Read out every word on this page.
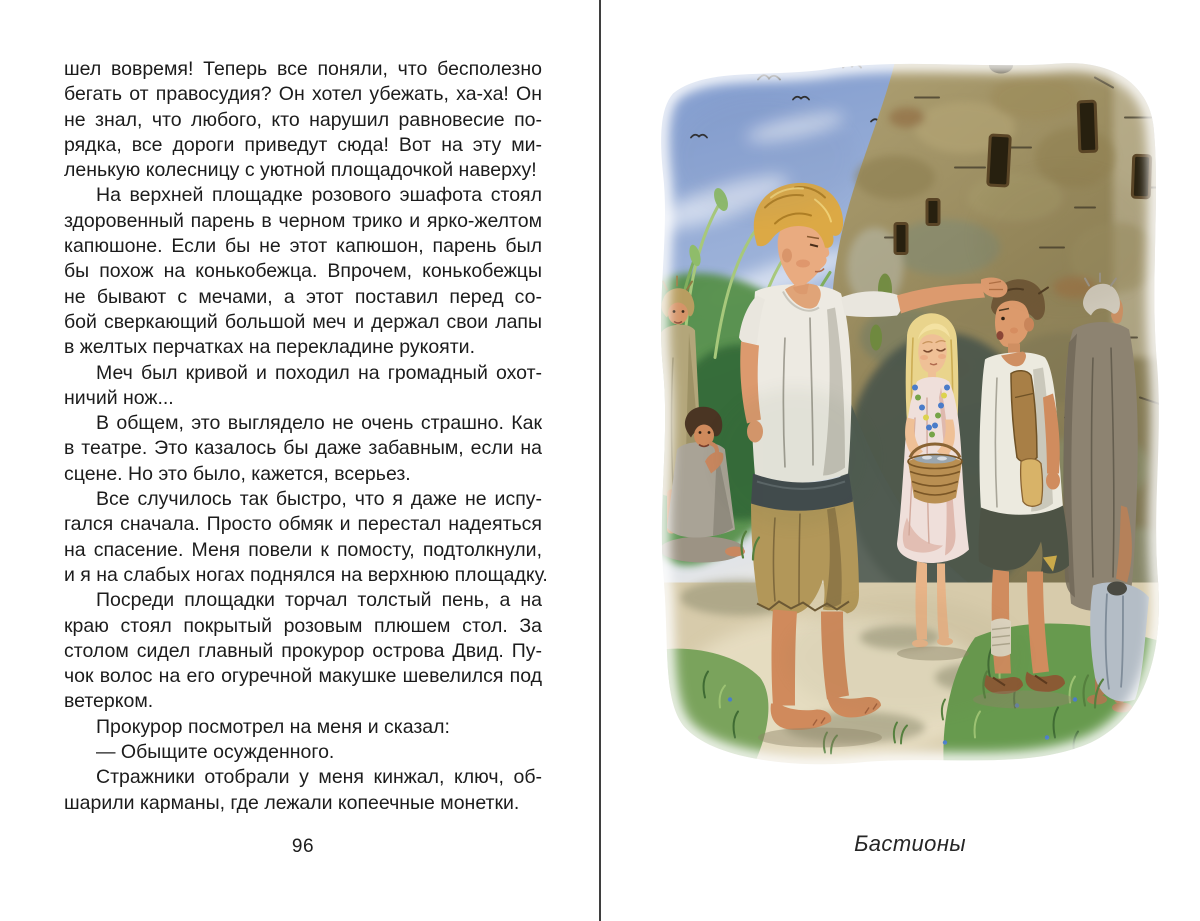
шел вовремя! Теперь все поняли, что бесполезно
бегать от правосудия? Он хотел убежать, ха-ха! Он
не знал, что любого, кто нарушил равновесие по-
рядка, все дороги приведут сюда! Вот на эту ми-
ленькую колесницу с уютной площадочкой наверху!
На верхней площадке розового эшафота стоял
здоровенный парень в черном трико и ярко-желтом
капюшоне. Если бы не этот капюшон, парень был
бы похож на конькобежца. Впрочем, конькобежцы
не бывают с мечами, а этот поставил перед со-
бой сверкающий большой меч и держал свои лапы
в желтых перчатках на перекладине рукояти.
Меч был кривой и походил на громадный охот-
ничий нож...
В общем, это выглядело не очень страшно. Как
в театре. Это казалось бы даже забавным, если на
сцене. Но это было, кажется, всерьез.
Все случилось так быстро, что я даже не испу-
гался сначала. Просто обмяк и перестал надеяться
на спасение. Меня повели к помосту, подтолкнули,
и я на слабых ногах поднялся на верхнюю площадку.
Посреди площадки торчал толстый пень, а на
краю стоял покрытый розовым плюшем стол. За
столом сидел главный прокурор острова Двид. Пу-
чок волос на его огуречной макушке шевелился под
ветерком.
Прокурор посмотрел на меня и сказал:
— Обыщите осужденного.
Стражники отобрали у меня кинжал, ключ, об-
шарили карманы, где лежали копеечные монетки.
96	Бастионы
